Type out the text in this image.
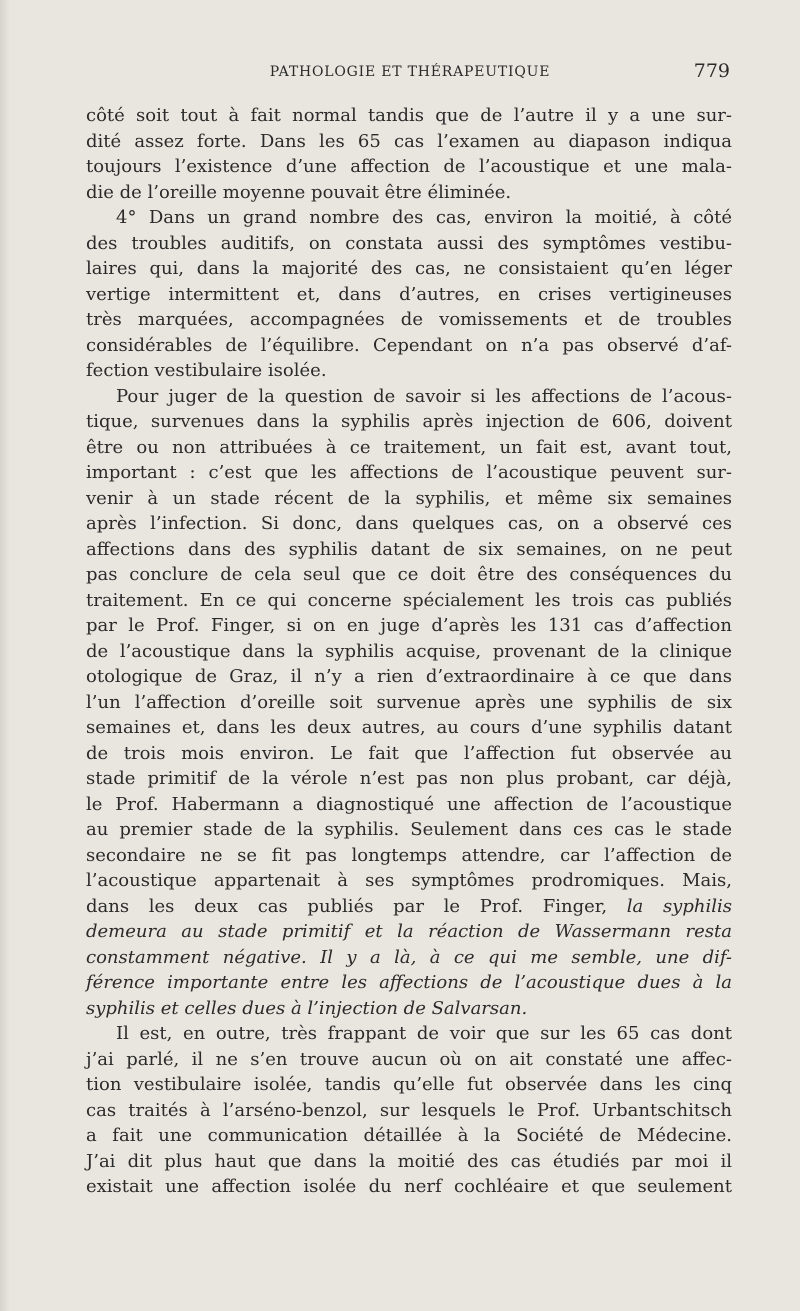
PATHOLOGIE ET THÉRAPEUTIQUE	779
côté soit tout à fait normal tandis que de l’autre il y a une sur-
dité assez forte. Dans les 65 cas l’examen au diapason indiqua
toujours l’existence d’une affection de l’acoustique et une mala-
die de l’oreille moyenne pouvait être éliminée.
4° Dans un grand nombre des cas, environ la moitié, à côté
des troubles auditifs, on constata aussi des symptômes vestibu-
laires qui, dans la majorité des cas, ne consistaient qu’en léger
vertige intermittent et, dans d’autres, en crises vertigineuses
très marquées, accompagnées de vomissements et de troubles
considérables de l’équilibre. Cependant on n’a pas observé d’af-
fection vestibulaire isolée.
Pour juger de la question de savoir si les affections de l’acous-
tique, survenues dans la syphilis après injection de 606, doivent
être ou non attribuées à ce traitement, un fait est, avant tout,
important : c’est que les affections de l’acoustique peuvent sur-
venir à un stade récent de la syphilis, et même six semaines
après l’infection. Si donc, dans quelques cas, on a observé ces
affections dans des syphilis datant de six semaines, on ne peut
pas conclure de cela seul que ce doit être des conséquences du
traitement. En ce qui concerne spécialement les trois cas publiés
par le Prof. Finger, si on en juge d’après les 131 cas d’affection
de l’acoustique dans la syphilis acquise, provenant de la clinique
otologique de Graz, il n’y a rien d’extraordinaire à ce que dans
l’un l’affection d’oreille soit survenue après une syphilis de six
semaines et, dans les deux autres, au cours d’une syphilis datant
de trois mois environ. Le fait que l’affection fut observée au
stade primitif de la vérole n’est pas non plus probant, car déjà,
le Prof. Habermann a diagnostiqué une affection de l’acoustique
au premier stade de la syphilis. Seulement dans ces cas le stade
secondaire ne se fit pas longtemps attendre, car l’affection de
l’acoustique appartenait à ses symptômes prodromiques. Mais,
dans les deux cas publiés par le Prof. Finger, la syphilis
demeura au stade primitif et la réaction de Wassermann resta
constamment négative. Il y a là, à ce qui me semble, une dif-
férence importante entre les affections de l’acoustique dues à la
syphilis et celles dues à l’injection de Salvarsan.
Il est, en outre, très frappant de voir que sur les 65 cas dont
j’ai parlé, il ne s’en trouve aucun où on ait constaté une affec-
tion vestibulaire isolée, tandis qu’elle fut observée dans les cinq
cas traités à l’arséno-benzol, sur lesquels le Prof. Urbantschitsch
a fait une communication détaillée à la Société de Médecine.
J’ai dit plus haut que dans la moitié des cas étudiés par moi il
existait une affection isolée du nerf cochléaire et que seulement
